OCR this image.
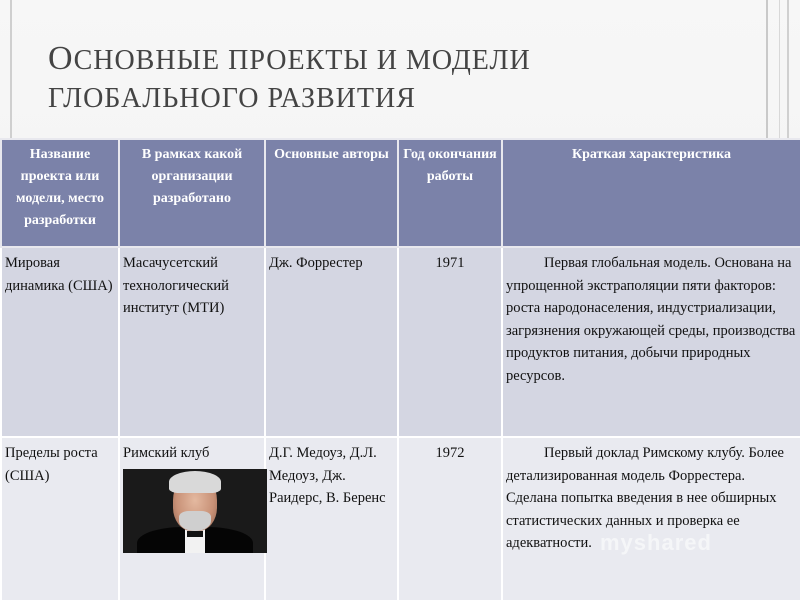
ОСНОВНЫЕ ПРОЕКТЫ И МОДЕЛИ
ГЛОБАЛЬНОГО РАЗВИТИЯ
Название проекта или модели, место разработки	В рамках какой организации разработано	Основные авторы	Год окончания работы	Краткая характеристика
Мировая динамика (США)	Масачусетский технологический институт (МТИ)	Дж. Форрестер	1971	Первая глобальная модель. Основана на упрощенной экстраполяции пяти факторов: роста народонаселения, индустриализации, загрязнения окружающей среды, производства продуктов питания, добычи природных ресурсов.
Пределы роста (США)	Римский клуб	Д.Г. Медоуз, Д.Л. Медоуз, Дж. Раидерс, В. Беренс	1972	Первый доклад Римскому клубу. Более детализированная модель Форрестера. Сделана попытка введения в нее обширных статистических данных и проверка ее адекватности. myshared
